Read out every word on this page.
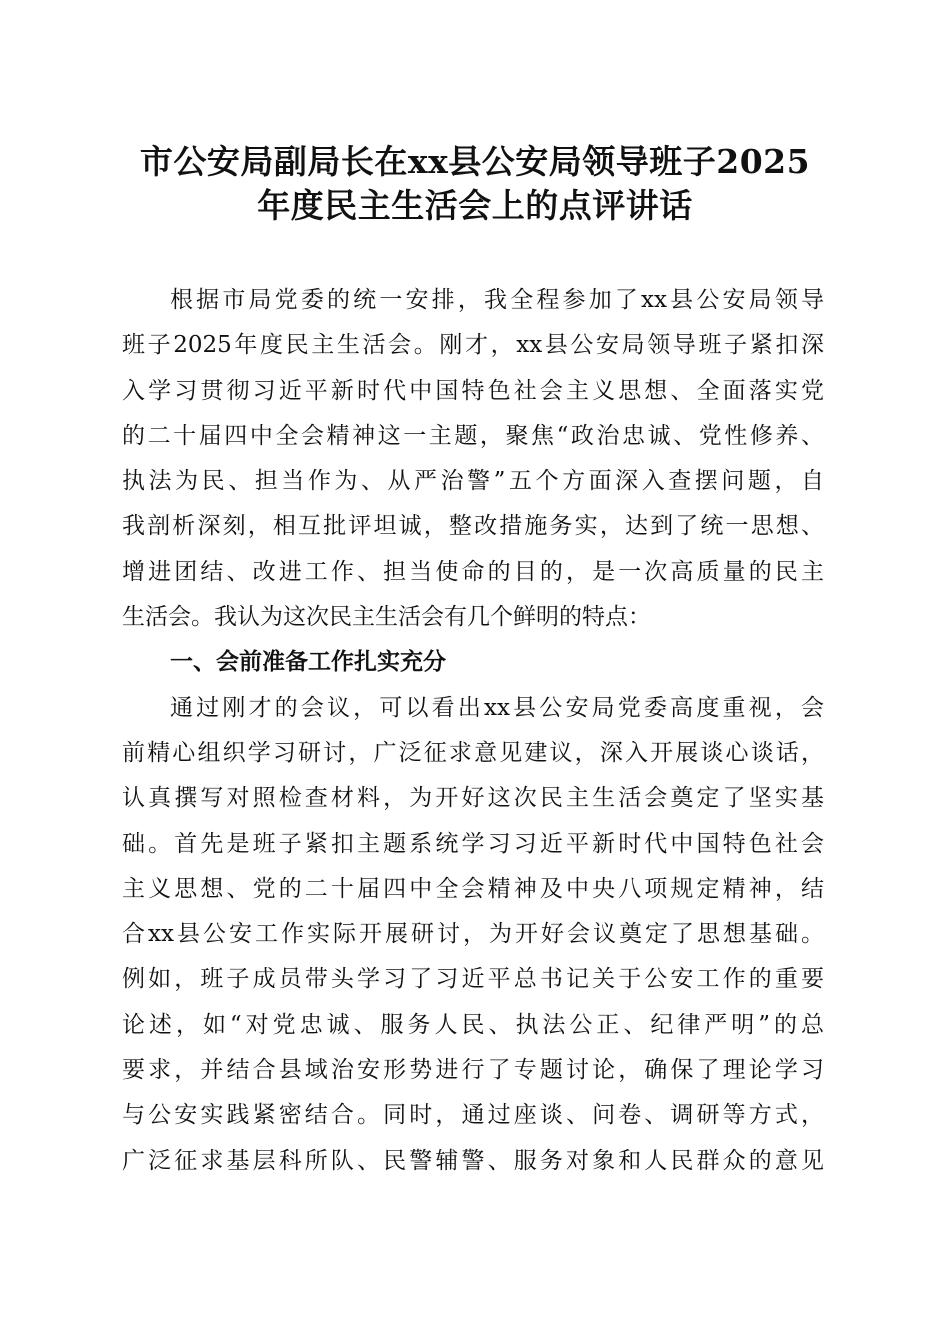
市公安局副局长在xx县公安局领导班子2025
年度民主生活会上的点评讲话
根据市局党委的统一安排，我全程参加了xx县公安局领导
班子2025年度民主生活会。刚才，xx县公安局领导班子紧扣深
入学习贯彻习近平新时代中国特色社会主义思想、全面落实党
的二十届四中全会精神这一主题，聚焦“政治忠诚、党性修养、
执法为民、担当作为、从严治警”五个方面深入查摆问题，自
我剖析深刻，相互批评坦诚，整改措施务实，达到了统一思想、
增进团结、改进工作、担当使命的目的，是一次高质量的民主
生活会。我认为这次民主生活会有几个鲜明的特点：
一、会前准备工作扎实充分
通过刚才的会议，可以看出xx县公安局党委高度重视，会
前精心组织学习研讨，广泛征求意见建议，深入开展谈心谈话，
认真撰写对照检查材料，为开好这次民主生活会奠定了坚实基
础。首先是班子紧扣主题系统学习习近平新时代中国特色社会
主义思想、党的二十届四中全会精神及中央八项规定精神，结
合xx县公安工作实际开展研讨，为开好会议奠定了思想基础。
例如，班子成员带头学习了习近平总书记关于公安工作的重要
论述，如“对党忠诚、服务人民、执法公正、纪律严明”的总
要求，并结合县域治安形势进行了专题讨论，确保了理论学习
与公安实践紧密结合。同时，通过座谈、问卷、调研等方式，
广泛征求基层科所队、民警辅警、服务对象和人民群众的意见
